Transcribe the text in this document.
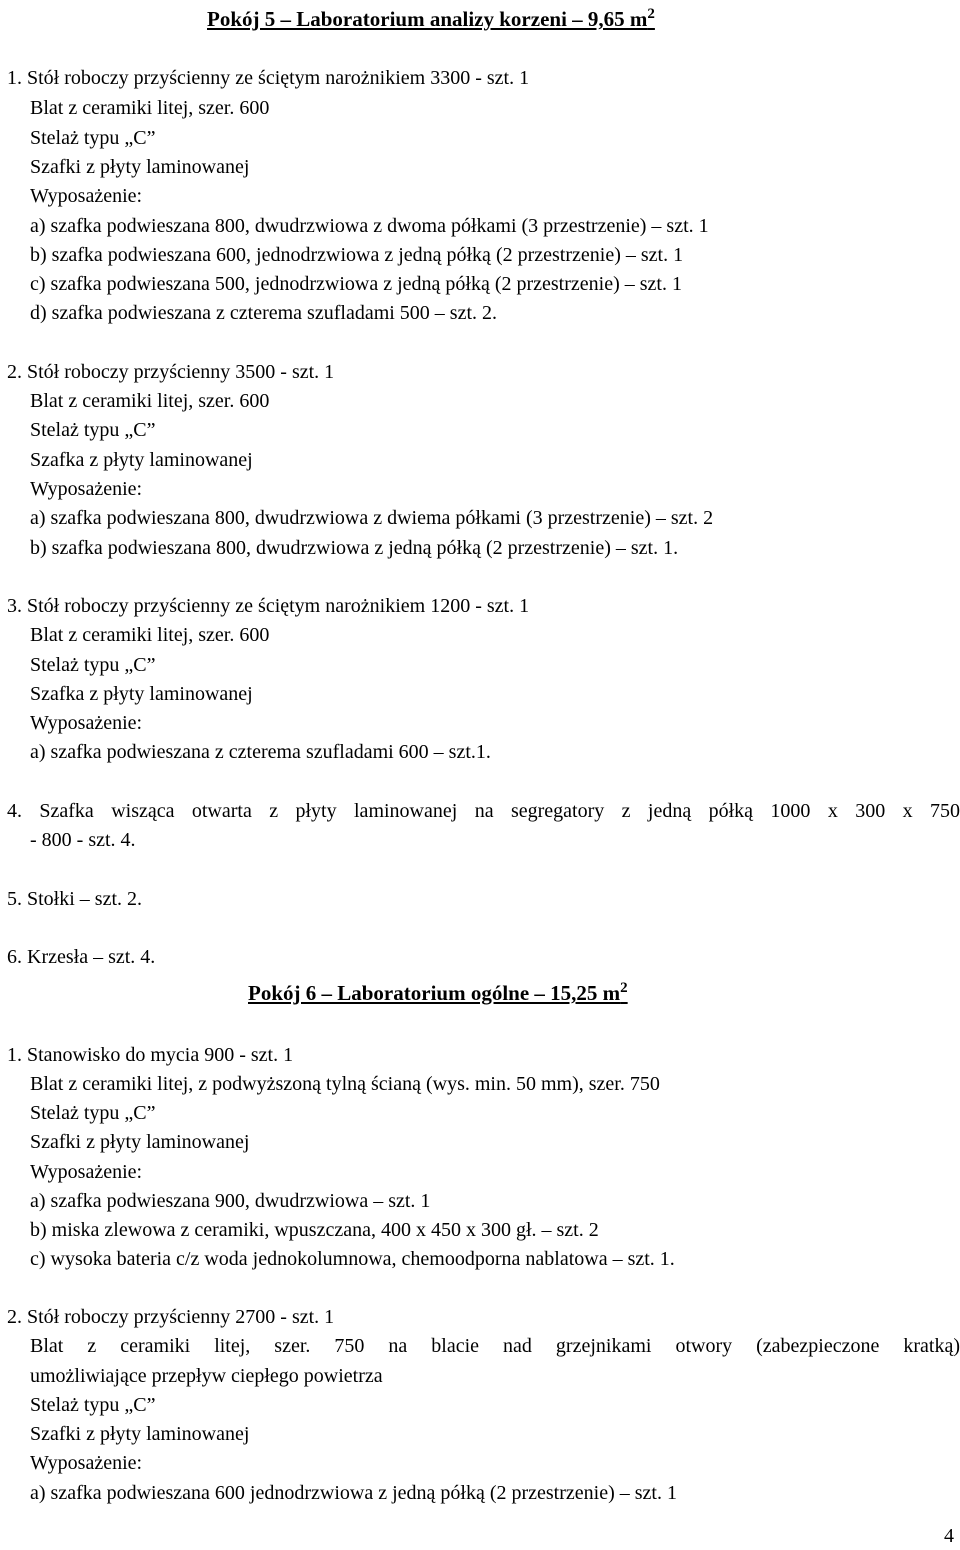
Pokój 5 – Laboratorium analizy korzeni – 9,65 $m^2$
1. Stół roboczy przyścienny ze ściętym narożnikiem 3300 - szt. 1
Blat z ceramiki litej, szer. 600
Stelaż typu „C”
Szafki z płyty laminowanej
Wyposażenie:
a) szafka podwieszana 800, dwudrzwiowa z dwoma półkami (3 przestrzenie) – szt. 1
b) szafka podwieszana 600, jednodrzwiowa z jedną półką (2 przestrzenie) – szt. 1
c) szafka podwieszana 500, jednodrzwiowa z jedną półką (2 przestrzenie) – szt. 1
d) szafka podwieszana z czterema szufladami 500 – szt. 2.
2. Stół roboczy przyścienny 3500 - szt. 1
Blat z ceramiki litej, szer. 600
Stelaż typu „C”
Szafka z płyty laminowanej
Wyposażenie:
a) szafka podwieszana 800, dwudrzwiowa z dwiema półkami (3 przestrzenie) – szt. 2
b) szafka podwieszana 800, dwudrzwiowa z jedną półką (2 przestrzenie) – szt. 1.
3. Stół roboczy przyścienny ze ściętym narożnikiem 1200 - szt. 1
Blat z ceramiki litej, szer. 600
Stelaż typu „C”
Szafka z płyty laminowanej
Wyposażenie:
a) szafka podwieszana z czterema szufladami 600 – szt.1.
4. Szafka wisząca otwarta z płyty laminowanej na segregatory z jedną półką 1000 x 300 x 750
- 800 - szt. 4.
5. Stołki – szt. 2.
6. Krzesła – szt. 4.
Pokój 6 – Laboratorium ogólne – 15,25 $m^2$
1. Stanowisko do mycia 900 - szt. 1
Blat z ceramiki litej, z podwyższoną tylną ścianą (wys. min. 50 mm), szer. 750
Stelaż typu „C”
Szafki z płyty laminowanej
Wyposażenie:
a) szafka podwieszana 900, dwudrzwiowa – szt. 1
b) miska zlewowa z ceramiki, wpuszczana, 400 x 450 x 300 gł. – szt. 2
c) wysoka bateria c/z woda jednokolumnowa, chemoodporna nablatowa – szt. 1.
2. Stół roboczy przyścienny 2700 - szt. 1
Blat z ceramiki litej, szer. 750 na blacie nad grzejnikami otwory (zabezpieczone kratką)
umożliwiające przepływ ciepłego powietrza
Stelaż typu „C”
Szafki z płyty laminowanej
Wyposażenie:
a) szafka podwieszana 600 jednodrzwiowa z jedną półką (2 przestrzenie) – szt. 1
4
